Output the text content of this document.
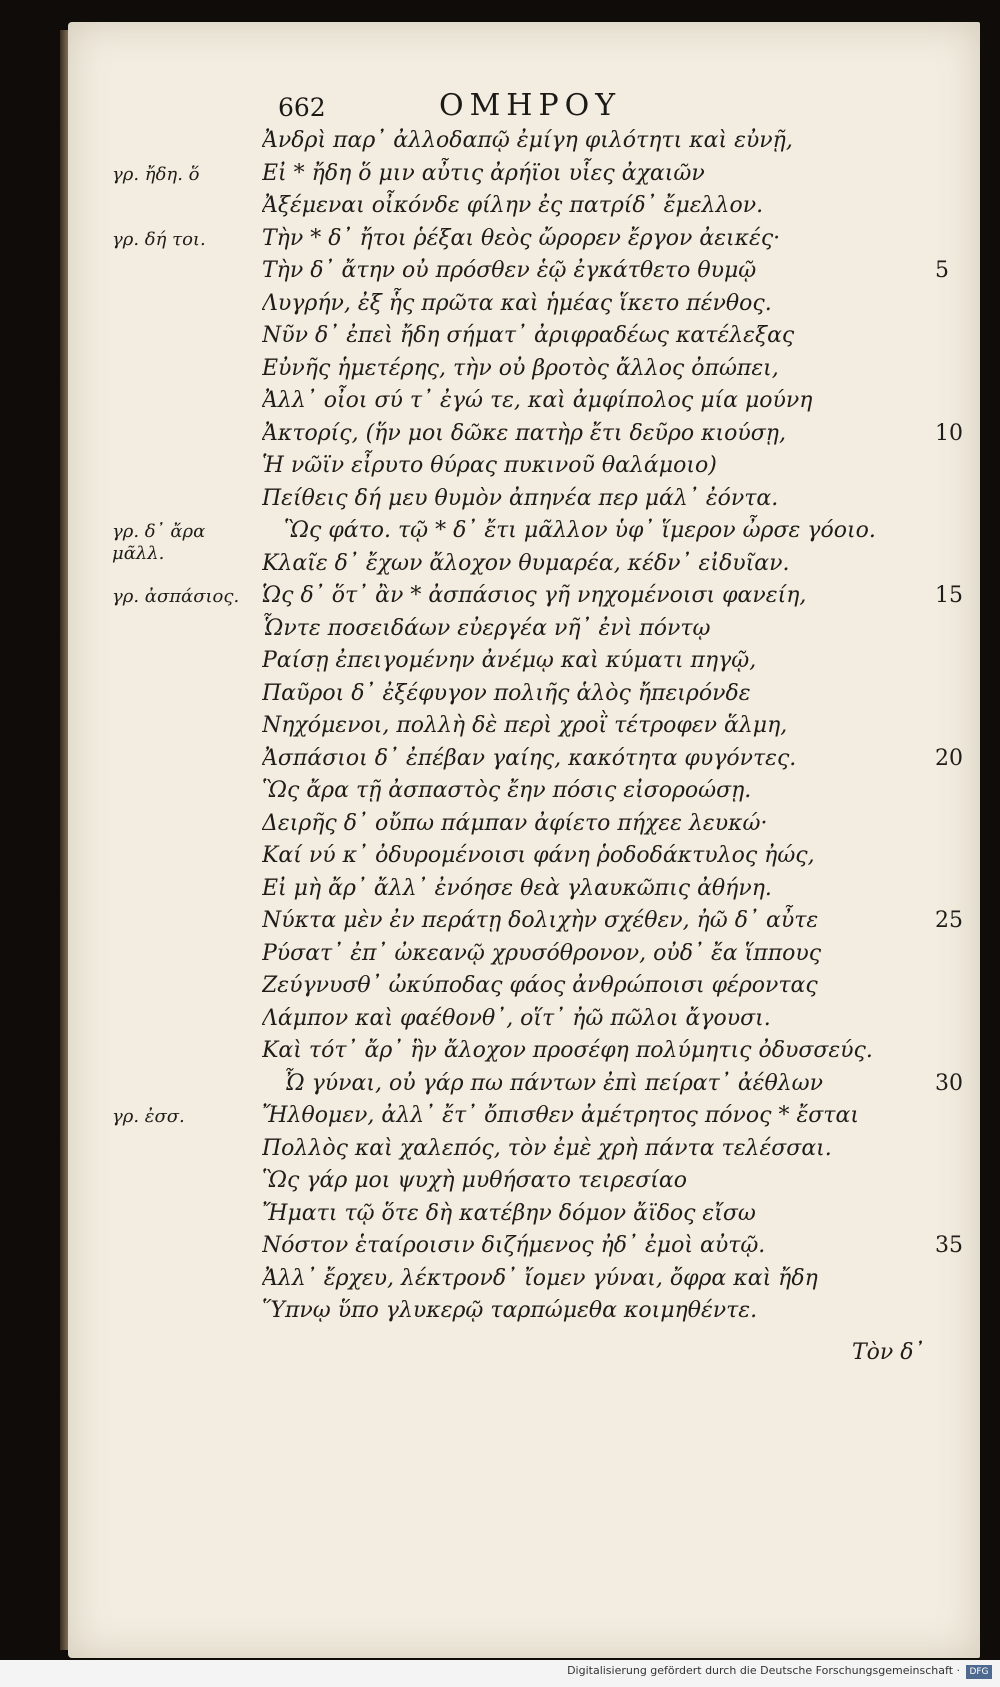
662	ΟΜΗΡΟΥ
Ἀνδρὶ παρ᾽ ἀλλοδαπῷ ἐμίγη φιλότητι καὶ εὐνῇ,
Εἰ * ἤδη ὅ μιν αὖτις ἀρήϊοι υἷες ἀχαιῶν
Ἀξέμεναι οἶκόνδε φίλην ἐς πατρίδ᾽ ἔμελλον.
Τὴν * δ᾽ ἤτοι ῥέξαι θεὸς ὤρορεν ἔργον ἀεικές·
Τὴν δ᾽ ἄτην οὐ πρόσθεν ἑῷ ἐγκάτθετο θυμῷ
Λυγρήν, ἐξ ἧς πρῶτα καὶ ἡμέας ἵκετο πένθος.
Νῦν δ᾽ ἐπεὶ ἤδη σήματ᾽ ἀριφραδέως κατέλεξας
Εὐνῆς ἡμετέρης, τὴν οὐ βροτὸς ἄλλος ὀπώπει,
Ἀλλ᾽ οἶοι σύ τ᾽ ἐγώ τε, καὶ ἀμφίπολος μία μούνη
Ἀκτορίς, (ἥν μοι δῶκε πατὴρ ἔτι δεῦρο κιούσῃ,
Ἡ νῶϊν εἶρυτο θύρας πυκινοῦ θαλάμοιο)
Πείθεις δή μευ θυμὸν ἀπηνέα περ μάλ᾽ ἐόντα.
Ὣς φάτο. τῷ * δ᾽ ἔτι μᾶλλον ὑφ᾽ ἵμερον ὦρσε γόοιο.
Κλαῖε δ᾽ ἔχων ἄλοχον θυμαρέα, κέδν᾽ εἰδυῖαν.
Ὡς δ᾽ ὅτ᾽ ἂν * ἀσπάσιος γῆ νηχομένοισι φανείη,
Ὧντε ποσειδάων εὐεργέα νῆ᾽ ἐνὶ πόντῳ
Ραίσῃ ἐπειγομένην ἀνέμῳ καὶ κύματι πηγῷ,
Παῦροι δ᾽ ἐξέφυγον πολιῆς ἁλὸς ἤπειρόνδε
Νηχόμενοι, πολλὴ δὲ περὶ χροῒ τέτροφεν ἅλμη,
Ἀσπάσιοι δ᾽ ἐπέβαν γαίης, κακότητα φυγόντες.
Ὣς ἄρα τῇ ἀσπαστὸς ἔην πόσις εἰσοροώσῃ.
Δειρῆς δ᾽ οὔπω πάμπαν ἀφίετο πήχεε λευκώ·
Καί νύ κ᾽ ὀδυρομένοισι φάνη ῥοδοδάκτυλος ἠώς,
Εἰ μὴ ἄρ᾽ ἄλλ᾽ ἐνόησε θεὰ γλαυκῶπις ἀθήνη.
Νύκτα μὲν ἐν περάτῃ δολιχὴν σχέθεν, ἠῶ δ᾽ αὖτε
Ρύσατ᾽ ἐπ᾽ ὠκεανῷ χρυσόθρονον, οὐδ᾽ ἔα ἵππους
Ζεύγνυσθ᾽ ὠκύποδας φάος ἀνθρώποισι φέροντας
Λάμπον καὶ φαέθονθ᾽, οἵτ᾽ ἠῶ πῶλοι ἄγουσι.
Καὶ τότ᾽ ἄρ᾽ ἣν ἄλοχον προσέφη πολύμητις ὀδυσσεύς.
Ὦ γύναι, οὐ γάρ πω πάντων ἐπὶ πείρατ᾽ ἀέθλων
Ἤλθομεν, ἀλλ᾽ ἔτ᾽ ὄπισθεν ἀμέτρητος πόνος * ἔσται
Πολλὸς καὶ χαλεπός, τὸν ἐμὲ χρὴ πάντα τελέσσαι.
Ὣς γάρ μοι ψυχὴ μυθήσατο τειρεσίαο
Ἤματι τῷ ὅτε δὴ κατέβην δόμον ἄϊδος εἴσω
Νόστον ἑταίροισιν διζήμενος ἠδ᾽ ἐμοὶ αὐτῷ.
Ἀλλ᾽ ἔρχευ, λέκτρονδ᾽ ἴομεν γύναι, ὄφρα καὶ ἤδη
Ὕπνῳ ὕπο γλυκερῷ ταρπώμεθα κοιμηθέντε.
5
10
15
20
25
30
35
γρ. ἤδη. ὅ
γρ. δή τοι.
γρ. δ᾽ ἄρα μᾶλλ.
γρ. ἀσπάσιος.
γρ. ἐσσ.
Τὸν δ᾽
Digitalisierung gefördert durch die Deutsche Forschungsgemeinschaft ·	DFG
